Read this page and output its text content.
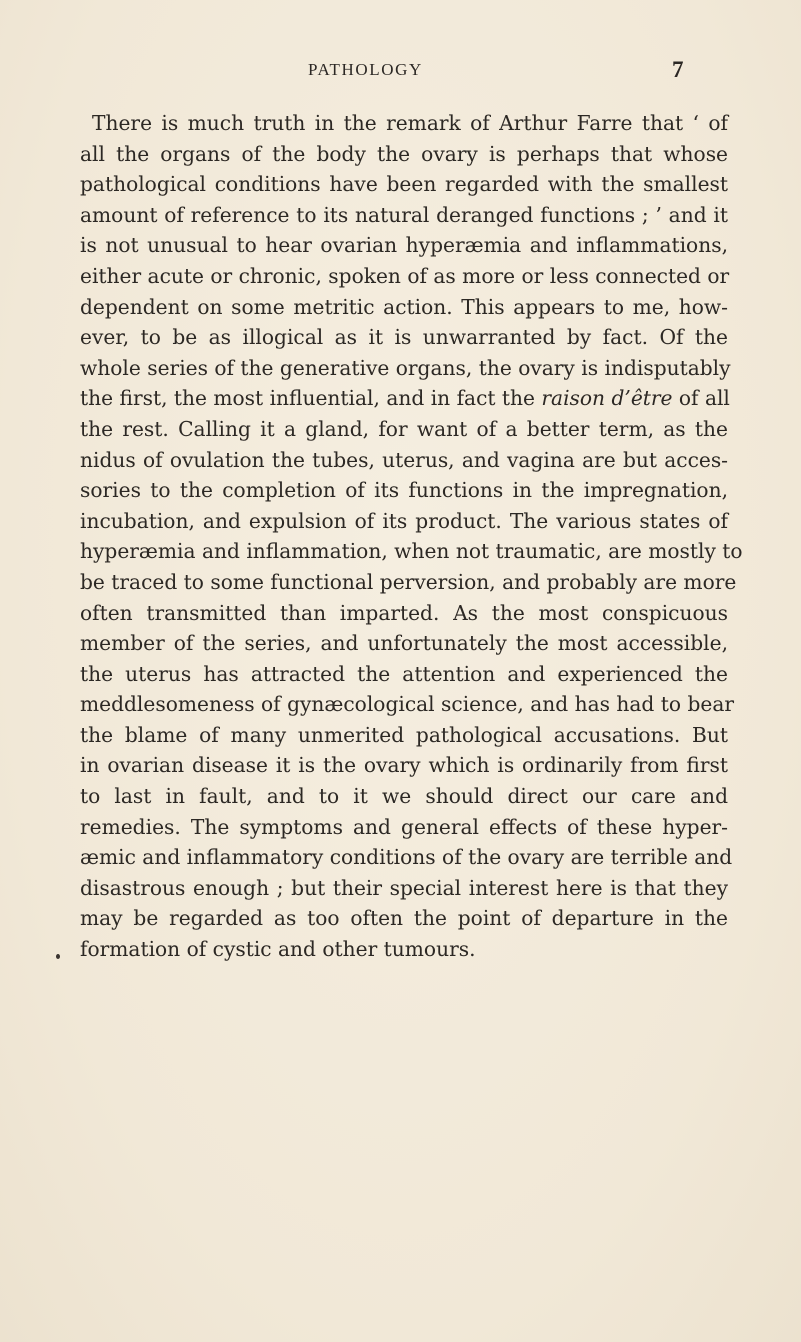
PATHOLOGY	7
There is much truth in the remark of Arthur Farre that ‘ of
all the organs of the body the ovary is perhaps that whose
pathological conditions have been regarded with the smallest
amount of reference to its natural deranged functions ; ’ and it
is not unusual to hear ovarian hyperæmia and inflammations,
either acute or chronic, spoken of as more or less connected or
dependent on some metritic action. This appears to me, how-
ever, to be as illogical as it is unwarranted by fact. Of the
whole series of the generative organs, the ovary is indisputably
the first, the most influential, and in fact the raison d’être of all
the rest. Calling it a gland, for want of a better term, as the
nidus of ovulation the tubes, uterus, and vagina are but acces-
sories to the completion of its functions in the impregnation,
incubation, and expulsion of its product. The various states of
hyperæmia and inflammation, when not traumatic, are mostly to
be traced to some functional perversion, and probably are more
often transmitted than imparted. As the most conspicuous
member of the series, and unfortunately the most accessible,
the uterus has attracted the attention and experienced the
meddlesomeness of gynæcological science, and has had to bear
the blame of many unmerited pathological accusations. But
in ovarian disease it is the ovary which is ordinarily from first
to last in fault, and to it we should direct our care and
remedies. The symptoms and general effects of these hyper-
æmic and inflammatory conditions of the ovary are terrible and
disastrous enough ; but their special interest here is that they
may be regarded as too often the point of departure in the
formation of cystic and other tumours.
